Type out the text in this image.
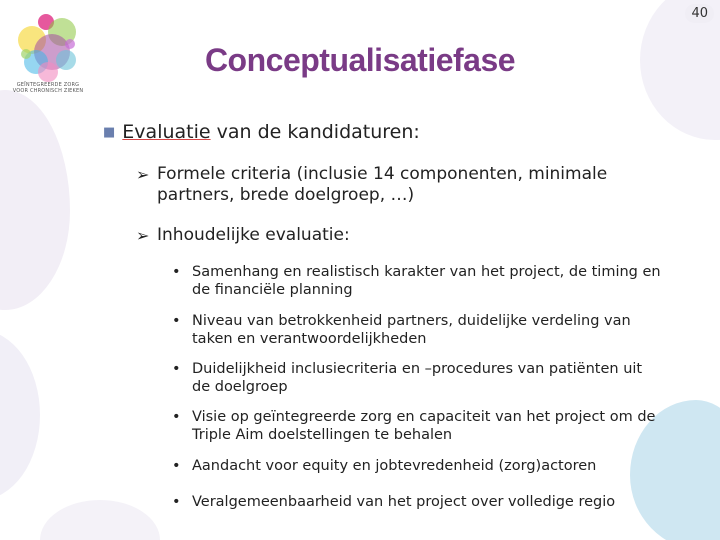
40
GEÏNTEGREERDE ZORG
VOOR CHRONISCH ZIEKEN
Conceptualisatiefase
■ Evaluatie van de kandidaturen:
➢ Formele criteria (inclusie 14 componenten, minimale partners, brede doelgroep, …)
➢ Inhoudelijke evaluatie:
• Samenhang en realistisch karakter van het project, de timing en de financiële planning
• Niveau van betrokkenheid partners, duidelijke verdeling van taken en verantwoordelijkheden
• Duidelijkheid inclusiecriteria en –procedures van patiënten uit de doelgroep
• Visie op geïntegreerde zorg en capaciteit van het project om de Triple Aim doelstellingen te behalen
• Aandacht voor equity en jobtevredenheid (zorg)actoren
• Veralgemeenbaarheid van het project over volledige regio
